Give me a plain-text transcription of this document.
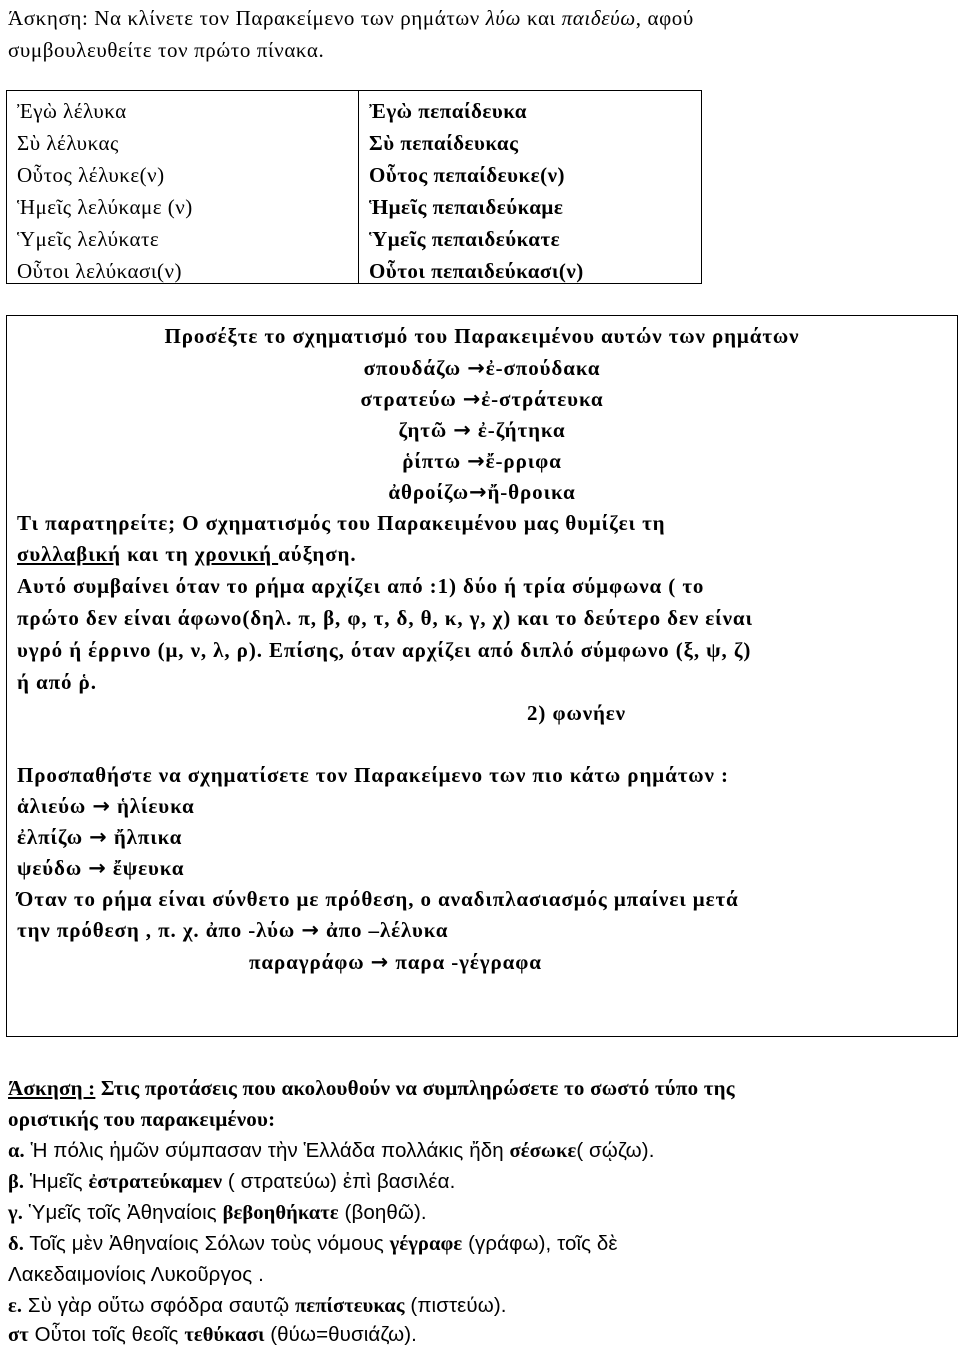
Άσκηση: Να κλίνετε τον Παρακείμενο των ρημάτων λύω και παιδεύω, αφού
συμβουλευθείτε τον πρώτο πίνακα.
Ἐγὼ λέλυκα
Σὺ λέλυκας
Οὗτος λέλυκε(ν)
Ἡμεῖς λελύκαμε (ν)
Ὑμεῖς λελύκατε
Οὗτοι λελύκασι(ν)
Ἐγὼ πεπαίδευκα
Σὺ πεπαίδευκας
Οὗτος πεπαίδευκε(ν)
Ἡμεῖς πεπαιδεύκαμε
Ὑμεῖς πεπαιδεύκατε
Οὗτοι πεπαιδεύκασι(ν)
Προσέξτε το σχηματισμό του Παρακειμένου αυτών των ρημάτων
σπουδάζω →ἐ-σπούδακα
στρατεύω →ἐ-στράτευκα
ζητῶ → ἐ-ζήτηκα
ῥίπτω →ἔ-ρριφα
ἀθροίζω→ἤ-θροικα
Τι παρατηρείτε; Ο σχηματισμός του Παρακειμένου μας θυμίζει τη
συλλαβική και τη χρονική αύξηση.
Αυτό συμβαίνει όταν το ρήμα αρχίζει από :1) δύο ή τρία σύμφωνα ( το
πρώτο δεν είναι άφωνο(δηλ. π, β, φ, τ, δ, θ, κ, γ, χ) και το δεύτερο δεν είναι
υγρό ή έρρινο (μ, ν, λ, ρ). Επίσης, όταν αρχίζει από διπλό σύμφωνο (ξ, ψ, ζ)
ή από ῥ.
2) φωνήεν
Προσπαθήστε να σχηματίσετε τον Παρακείμενο των πιο κάτω ρημάτων :
ἁλιεύω → ἡλίευκα
ἐλπίζω → ἤλπικα
ψεύδω → ἔψευκα
Όταν το ρήμα είναι σύνθετο με πρόθεση, ο αναδιπλασιασμός μπαίνει μετά
την πρόθεση , π. χ. ἀπο -λύω → ἀπο –λέλυκα
παραγράφω → παρα -γέγραφα
Άσκηση : Στις προτάσεις που ακολουθούν να συμπληρώσετε το σωστό τύπο της
οριστικής του παρακειμένου:
α. Ἡ πόλις ἡμῶν σύμπασαν τὴν Ἑλλάδα πολλάκις ἤδη σέσωκε( σῴζω).
β. Ἡμεῖς ἐστρατεύκαμεν ( στρατεύω) ἐπὶ βασιλέα.
γ. Ὑμεῖς τοῖς Ἀθηναίοις βεβοηθήκατε (βοηθῶ).
δ. Τοῖς μὲν Ἀθηναίοις Σόλων τοὺς νόμους γέγραφε (γράφω), τοῖς δὲ
Λακεδαιμονίοις Λυκοῦργος .
ε. Σὺ γὰρ οὕτω σφόδρα σαυτῷ πεπίστευκας (πιστεύω).
στ Οὗτοι τοῖς θεοῖς τεθύκασι (θύω=θυσιάζω).
